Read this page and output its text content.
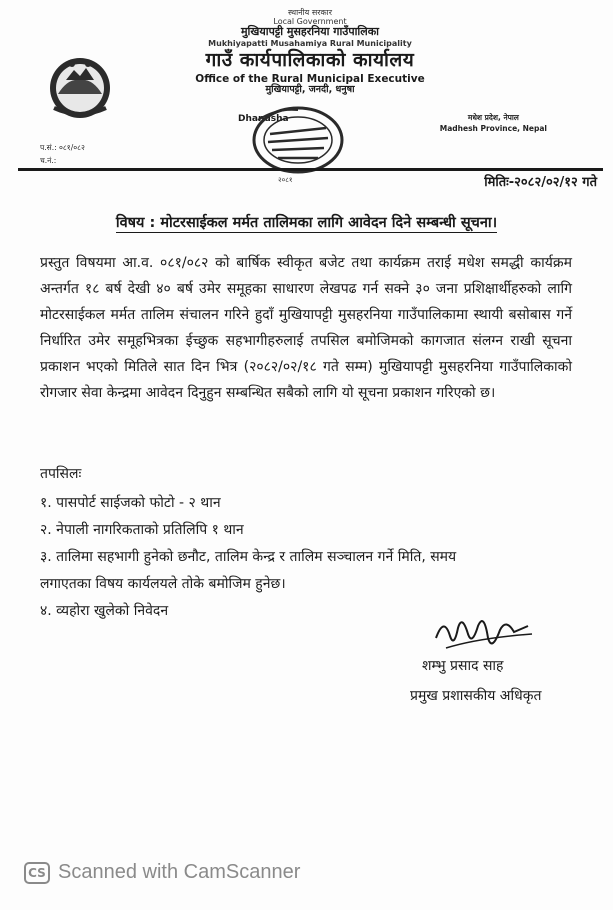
स्थानीय सरकार
Local Government
मुखियापट्टी मुसहरनिया गाउँपालिका
Mukhiyapatti Musahamiya Rural Municipality
गाउँ कार्यपालिकाको कार्यालय
Office of the Rural Municipal Executive
मुखियापट्टी, जनदी, धनुषा
Dhanusha	मधेश प्रदेश, नेपाल
Madhesh Province, Nepal
प.सं.: ०८१/०८२
च.नं.:
२०८१	मितिः-२०८२/०२/१२ गते
विषय : मोटरसाईकल मर्मत तालिमका लागि आवेदन दिने सम्बन्धी सूचना।
प्रस्तुत विषयमा आ.व. ०८१/०८२ को बार्षिक स्वीकृत बजेट तथा कार्यक्रम तराई मधेश समद्धी कार्यक्रम अन्तर्गत १८ बर्ष देखी ४० बर्ष उमेर समूहका साधारण लेखपढ गर्न सक्ने ३० जना प्रशिक्षार्थीहरुको लागि मोटरसाईकल मर्मत तालिम संचालन गरिने हुदाँ मुखियापट्टी मुसहरनिया गाउँपालिकामा स्थायी बसोबास गर्ने निर्धारित उमेर समूहभित्रका ईच्छुक सहभागीहरुलाई तपसिल बमोजिमको कागजात संलग्न राखी सूचना प्रकाशन भएको मितिले सात दिन भित्र (२०८२/०२/१८ गते सम्म) मुखियापट्टी मुसहरनिया गाउँपालिकाको रोगजार सेवा केन्द्रमा आवेदन दिनुहुन सम्बन्धित सबैको लागि यो सूचना प्रकाशन गरिएको छ।
तपसिलः
१. पासपोर्ट साईजको फोटो - २ थान
२. नेपाली नागरिकताको प्रतिलिपि १ थान
३. तालिमा सहभागी हुनेको छनौट, तालिम केन्द्र र तालिम सञ्चालन गर्ने मिति, समय
लगाएतका विषय कार्यलयले तोके बमोजिम हुनेछ।
४. व्यहोरा खुलेको निवेदन
शम्भु प्रसाद साह
प्रमुख प्रशासकीय अधिकृत
CS Scanned with CamScanner
